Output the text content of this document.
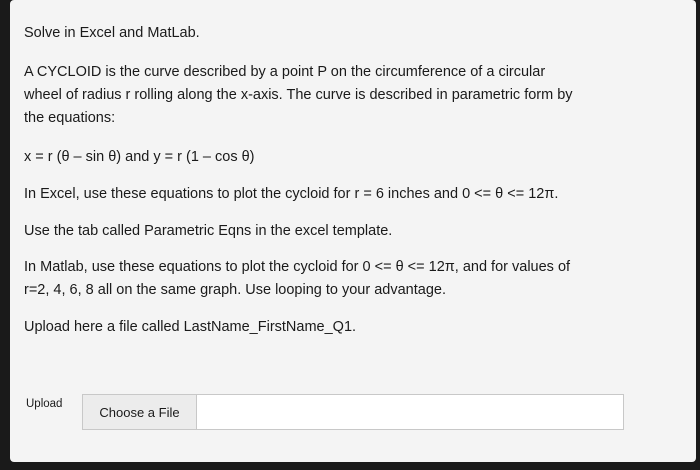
Solve in Excel and MatLab.

A CYCLOID is the curve described by a point P on the circumference of a circular

wheel of radius r rolling along the x-axis. The curve is described in parametric form by

the equations:

x = r (θ – sin θ) and y = r (1 – cos θ)

In Excel, use these equations to plot the cycloid for r = 6 inches and 0 <= θ <= 12π.

Use the tab called Parametric Eqns in the excel template.

In Matlab, use these equations to plot the cycloid for 0 <= θ <= 12π, and for values of

r=2, 4, 6, 8 all on the same graph. Use looping to your advantage.

Upload here a file called LastName_FirstName_Q1.

Upload
Choose a File
